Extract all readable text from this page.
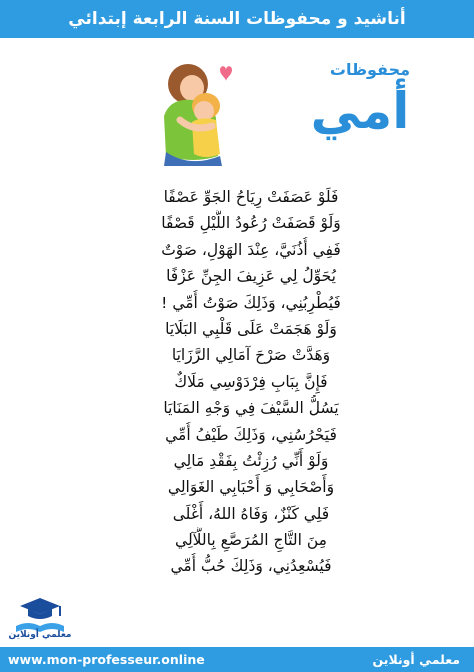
أناشيد و محفوظات السنة الرابعة إبتدائي
محفوظات
أمي
فَلَوْ عَصَفَتْ رِيَاحُ الجَوِّ عَصْفًا
وَلَوْ قَصَفَتْ رُعُودُ اللَّيْلِ قَصْفًا
فَفِي أُذُنَيَّ، عِنْدَ الهَوْلِ، صَوْتٌ
يُحَوِّلُ لِي عَزِيفَ الجِنِّ عَزْفًا
فَيُطْرِبُنِي، وَذَلِكَ صَوْتُ أُمِّي !
وَلَوْ هَجَمَتْ عَلَى قَلْبِي البَلَايَا
وَهَدَّتْ صَرْحَ آمَالِي الرَّزَايَا
فَإِنَّ بِبَابِ فِرْدَوْسِي مَلَاكٌ
يَسُلُّ السَّيْفَ فِي وَجْهِ المَنَايَا
فَيَحْرُسُنِي، وَذَلِكَ طَيْفُ أُمِّي
وَلَوْ أَنِّي رُزِئْتُ بِفَقْدِ مَالِي
وَأَصْحَابِي وَ أَحْبَابِي الغَوَالِي
فَلِي كَنْزٌ، وَفَاهُ اللهُ، أَغْلَى
مِنَ التَّاجِ المُرَصَّعِ بِاللَّآلِي
فَيُسْعِدُنِي، وَذَلِكَ حُبُّ أُمِّي
معلمي أونلاين
www.mon-professeur.online	معلمي أونلاين
